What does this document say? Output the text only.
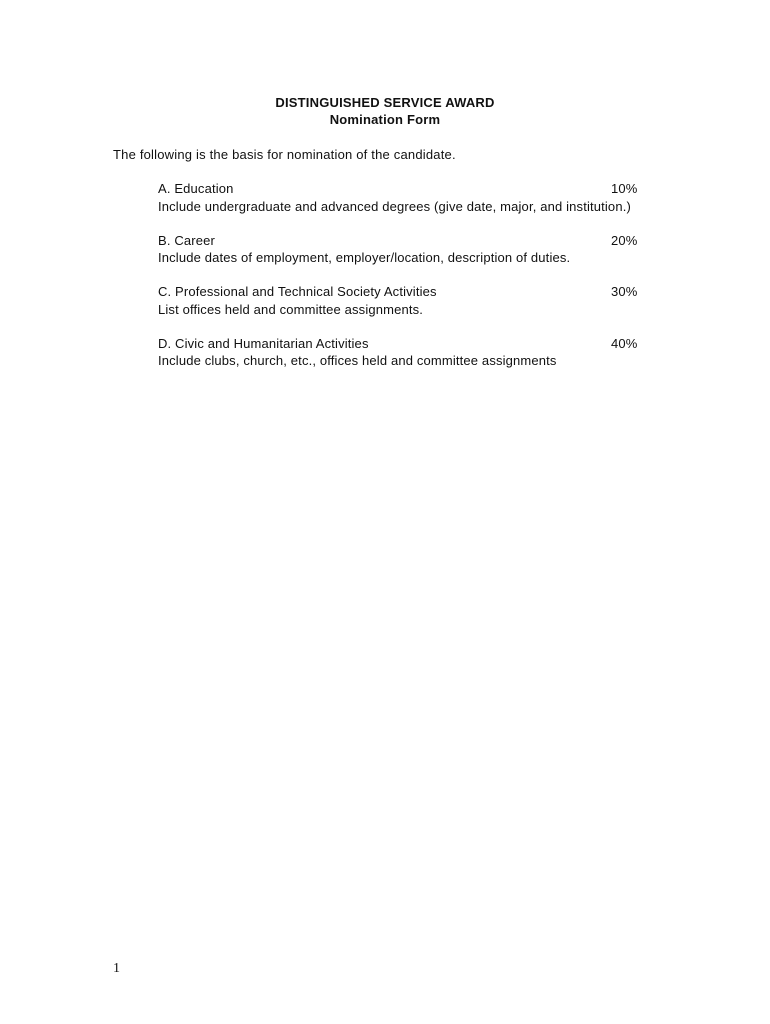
DISTINGUISHED SERVICE AWARD
Nomination Form
The following is the basis for nomination of the candidate.
A. Education	10%
Include undergraduate and advanced degrees (give date, major, and institution.)
B. Career	20%
Include dates of employment, employer/location, description of duties.
C. Professional and Technical Society Activities	30%
List offices held and committee assignments.
D. Civic and Humanitarian Activities	40%
Include clubs, church, etc., offices held and committee assignments
1
